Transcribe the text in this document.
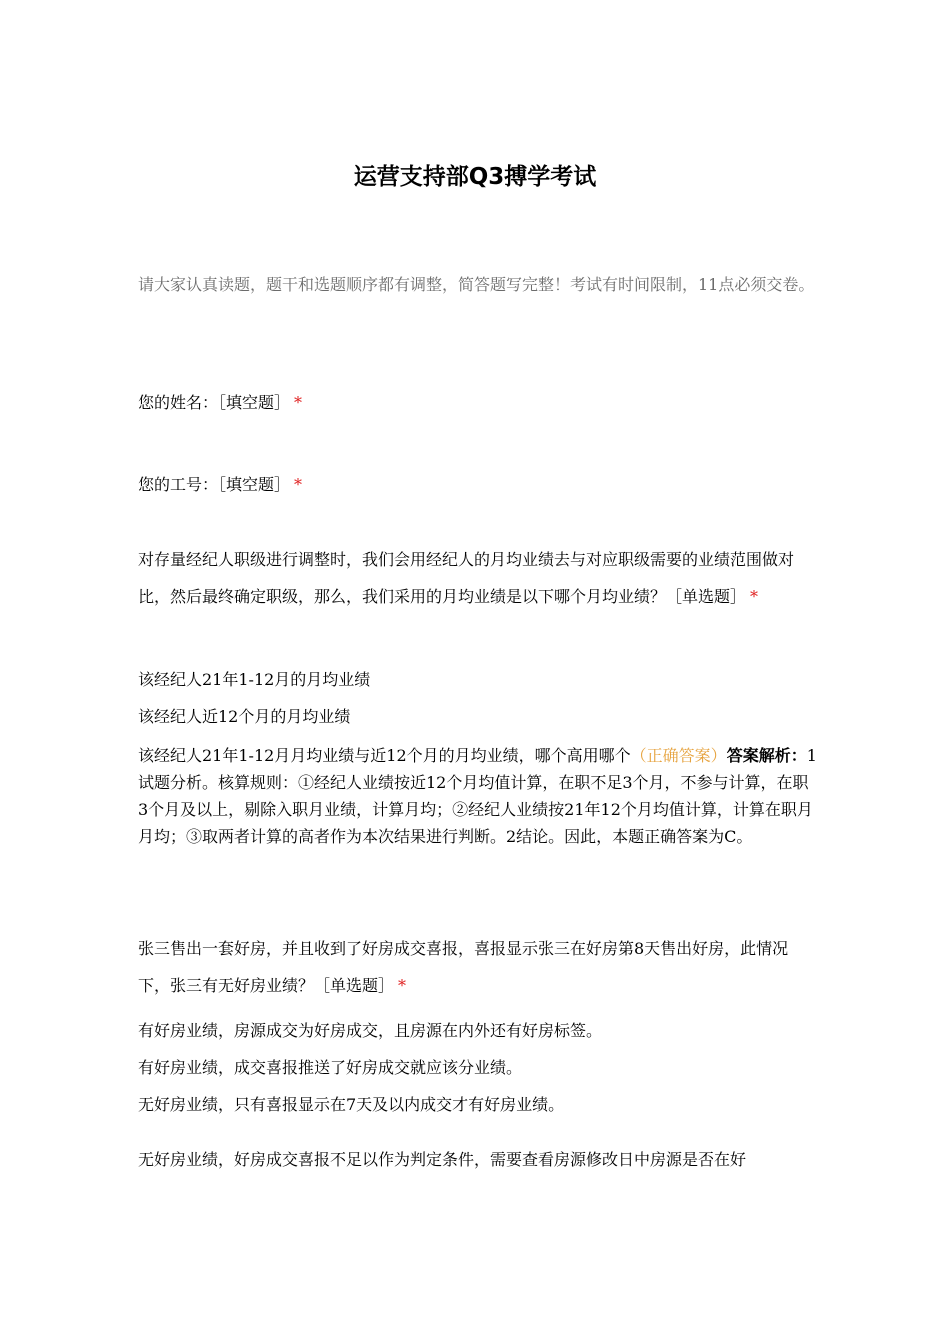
运营支持部Q3搏学考试
请大家认真读题，题干和选题顺序都有调整，简答题写完整！考试有时间限制，11点必须交卷。
您的姓名：［填空题］ *
您的工号：［填空题］ *
对存量经纪人职级进行调整时，我们会用经纪人的月均业绩去与对应职级需要的业绩范围做对比，然后最终确定职级，那么，我们采用的月均业绩是以下哪个月均业绩？［单选题］ *
该经纪人21年1-12月的月均业绩
该经纪人近12个月的月均业绩
该经纪人21年1-12月月均业绩与近12个月的月均业绩，哪个高用哪个（正确答案）答案解析：1试题分析。核算规则：①经纪人业绩按近12个月均值计算，在职不足3个月，不参与计算，在职3个月及以上，剔除入职月业绩，计算月均；②经纪人业绩按21年12个月均值计算，计算在职月月均；③取两者计算的高者作为本次结果进行判断。2结论。因此，本题正确答案为C。
张三售出一套好房，并且收到了好房成交喜报，喜报显示张三在好房第8天售出好房，此情况下，张三有无好房业绩？［单选题］ *
有好房业绩，房源成交为好房成交，且房源在内外还有好房标签。
有好房业绩，成交喜报推送了好房成交就应该分业绩。
无好房业绩，只有喜报显示在7天及以内成交才有好房业绩。
无好房业绩，好房成交喜报不足以作为判定条件，需要查看房源修改日中房源是否在好
